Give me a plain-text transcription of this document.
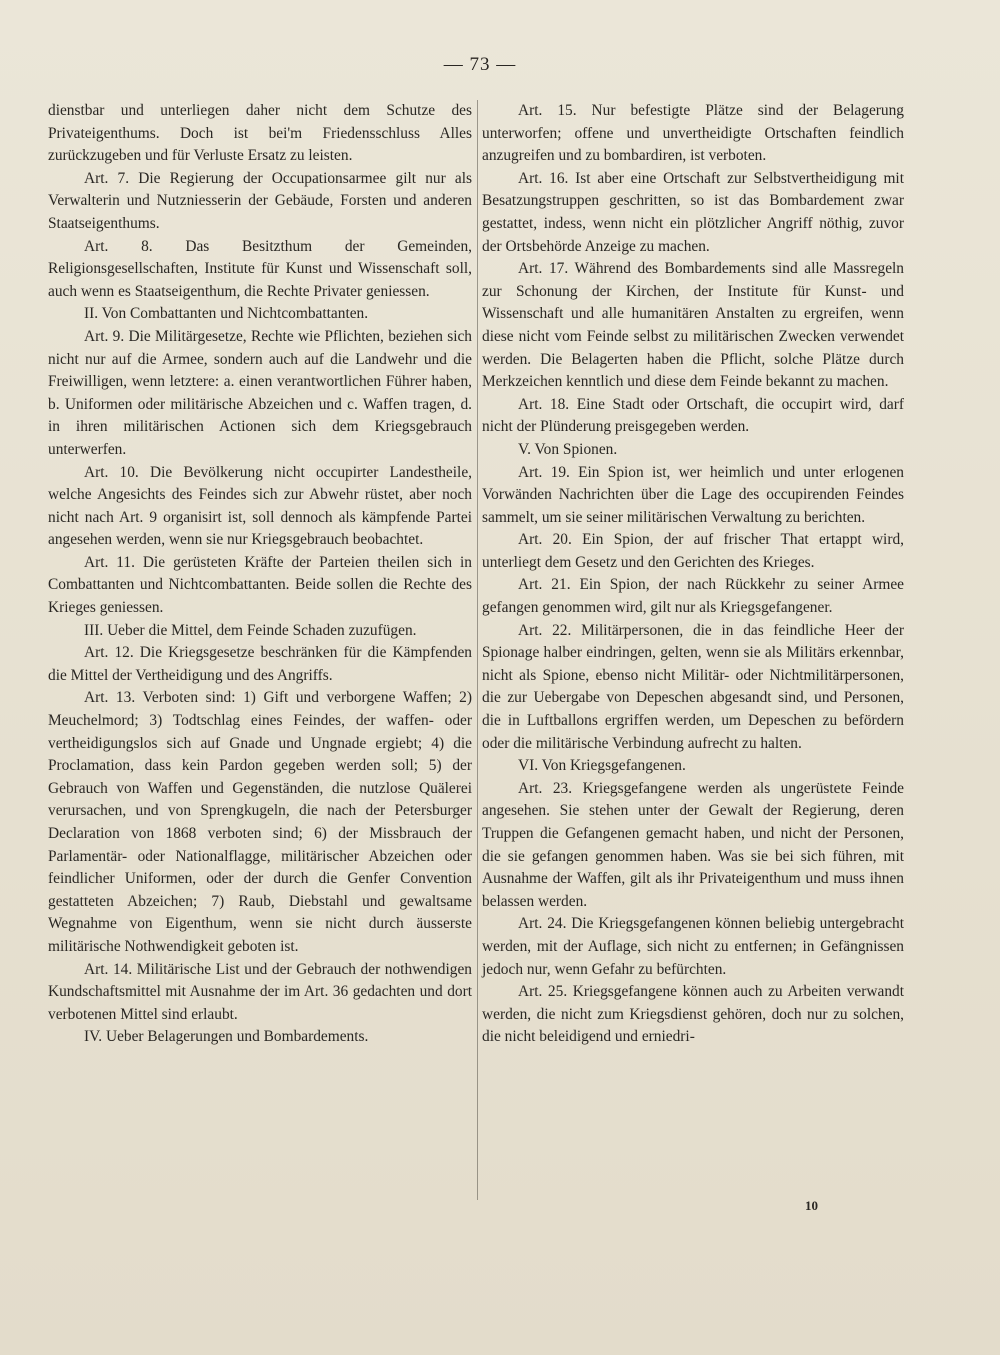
— 73 —

dienstbar und unterliegen daher nicht dem Schutze des Privateigenthums. Doch ist bei'm Friedensschluss Alles zurückzugeben und für Verluste Ersatz zu leisten.

Art. 7. Die Regierung der Occupationsarmee gilt nur als Verwalterin und Nutzniesserin der Gebäude, Forsten und anderen Staatseigenthums.

Art. 8. Das Besitzthum der Gemeinden, Religionsgesellschaften, Institute für Kunst und Wissenschaft soll, auch wenn es Staatseigenthum, die Rechte Privater geniessen.

II. Von Combattanten und Nichtcombattanten.

Art. 9. Die Militärgesetze, Rechte wie Pflichten, beziehen sich nicht nur auf die Armee, sondern auch auf die Landwehr und die Freiwilligen, wenn letztere: a. einen verantwortlichen Führer haben, b. Uniformen oder militärische Abzeichen und c. Waffen tragen, d. in ihren militärischen Actionen sich dem Kriegsgebrauch unterwerfen.

Art. 10. Die Bevölkerung nicht occupirter Landestheile, welche Angesichts des Feindes sich zur Abwehr rüstet, aber noch nicht nach Art. 9 organisirt ist, soll dennoch als kämpfende Partei angesehen werden, wenn sie nur Kriegsgebrauch beobachtet.

Art. 11. Die gerüsteten Kräfte der Parteien theilen sich in Combattanten und Nichtcombattanten. Beide sollen die Rechte des Krieges geniessen.

III. Ueber die Mittel, dem Feinde Schaden zuzufügen.

Art. 12. Die Kriegsgesetze beschränken für die Kämpfenden die Mittel der Vertheidigung und des Angriffs.

Art. 13. Verboten sind: 1) Gift und verborgene Waffen; 2) Meuchelmord; 3) Todtschlag eines Feindes, der waffen- oder vertheidigungslos sich auf Gnade und Ungnade ergiebt; 4) die Proclamation, dass kein Pardon gegeben werden soll; 5) der Gebrauch von Waffen und Gegenständen, die nutzlose Quälerei verursachen, und von Sprengkugeln, die nach der Petersburger Declaration von 1868 verboten sind; 6) der Missbrauch der Parlamentär- oder Nationalflagge, militärischer Abzeichen oder feindlicher Uniformen, oder der durch die Genfer Convention gestatteten Abzeichen; 7) Raub, Diebstahl und gewaltsame Wegnahme von Eigenthum, wenn sie nicht durch äusserste militärische Nothwendigkeit geboten ist.

Art. 14. Militärische List und der Gebrauch der nothwendigen Kundschaftsmittel mit Ausnahme der im Art. 36 gedachten und dort verbotenen Mittel sind erlaubt.

IV. Ueber Belagerungen und Bombardements.

Art. 15. Nur befestigte Plätze sind der Belagerung unterworfen; offene und unvertheidigte Ortschaften feindlich anzugreifen und zu bombardiren, ist verboten.

Art. 16. Ist aber eine Ortschaft zur Selbstvertheidigung mit Besatzungstruppen geschritten, so ist das Bombardement zwar gestattet, indess, wenn nicht ein plötzlicher Angriff nöthig, zuvor der Ortsbehörde Anzeige zu machen.

Art. 17. Während des Bombardements sind alle Massregeln zur Schonung der Kirchen, der Institute für Kunst- und Wissenschaft und alle humanitären Anstalten zu ergreifen, wenn diese nicht vom Feinde selbst zu militärischen Zwecken verwendet werden. Die Belagerten haben die Pflicht, solche Plätze durch Merkzeichen kenntlich und diese dem Feinde bekannt zu machen.

Art. 18. Eine Stadt oder Ortschaft, die occupirt wird, darf nicht der Plünderung preisgegeben werden.

V. Von Spionen.

Art. 19. Ein Spion ist, wer heimlich und unter erlogenen Vorwänden Nachrichten über die Lage des occupirenden Feindes sammelt, um sie seiner militärischen Verwaltung zu berichten.

Art. 20. Ein Spion, der auf frischer That ertappt wird, unterliegt dem Gesetz und den Gerichten des Krieges.

Art. 21. Ein Spion, der nach Rückkehr zu seiner Armee gefangen genommen wird, gilt nur als Kriegsgefangener.

Art. 22. Militärpersonen, die in das feindliche Heer der Spionage halber eindringen, gelten, wenn sie als Militärs erkennbar, nicht als Spione, ebenso nicht Militär- oder Nichtmilitärpersonen, die zur Uebergabe von Depeschen abgesandt sind, und Personen, die in Luftballons ergriffen werden, um Depeschen zu befördern oder die militärische Verbindung aufrecht zu halten.

VI. Von Kriegsgefangenen.

Art. 23. Kriegsgefangene werden als ungerüstete Feinde angesehen. Sie stehen unter der Gewalt der Regierung, deren Truppen die Gefangenen gemacht haben, und nicht der Personen, die sie gefangen genommen haben. Was sie bei sich führen, mit Ausnahme der Waffen, gilt als ihr Privateigenthum und muss ihnen belassen werden.

Art. 24. Die Kriegsgefangenen können beliebig untergebracht werden, mit der Auflage, sich nicht zu entfernen; in Gefängnissen jedoch nur, wenn Gefahr zu befürchten.

Art. 25. Kriegsgefangene können auch zu Arbeiten verwandt werden, die nicht zum Kriegsdienst gehören, doch nur zu solchen, die nicht beleidigend und erniedri-

10
